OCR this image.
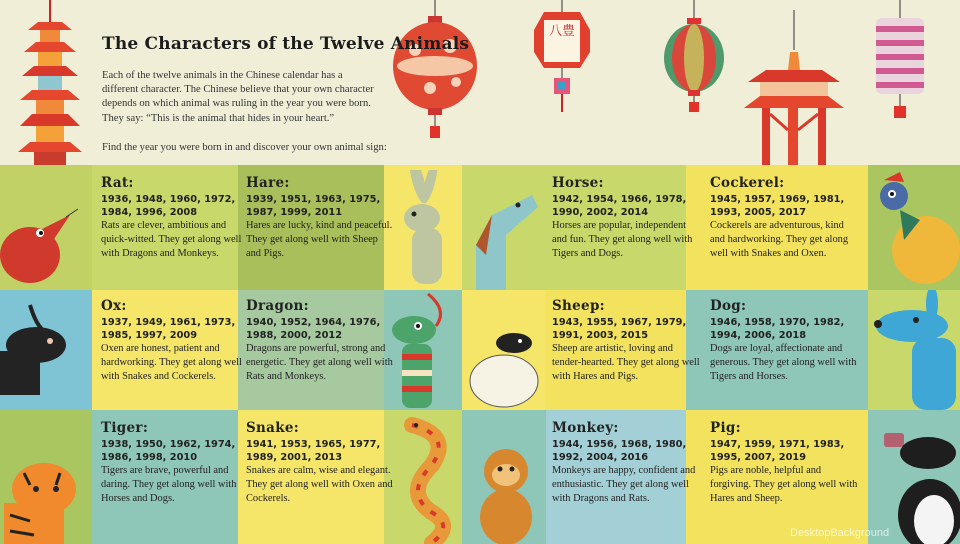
八豊
The Characters of the Twelve Animals
Each of the twelve animals in the Chinese calendar has a different character. The Chinese believe that your own character depends on which animal was ruling in the year you were born. They say: “This is the animal that hides in your heart.”
Find the year you were born in and discover your own animal sign:
Rat:
1936, 1948, 1960, 1972, 1984, 1996, 2008
Rats are clever, ambitious and quick-witted. They get along well with Dragons and Monkeys.
Hare:
1939, 1951, 1963, 1975, 1987, 1999, 2011
Hares are lucky, kind and peaceful. They get along well with Sheep and Pigs.
Horse:
1942, 1954, 1966, 1978, 1990, 2002, 2014
Horses are popular, independent and fun. They get along well with Tigers and Dogs.
Cockerel:
1945, 1957, 1969, 1981, 1993, 2005, 2017
Cockerels are adventurous, kind and hardworking. They get along well with Snakes and Oxen.
Ox:
1937, 1949, 1961, 1973, 1985, 1997, 2009
Oxen are honest, patient and hardworking. They get along well with Snakes and Cockerels.
Dragon:
1940, 1952, 1964, 1976, 1988, 2000, 2012
Dragons are powerful, strong and energetic. They get along well with Rats and Monkeys.
Sheep:
1943, 1955, 1967, 1979, 1991, 2003, 2015
Sheep are artistic, loving and tender-hearted. They get along well with Hares and Pigs.
Dog:
1946, 1958, 1970, 1982, 1994, 2006, 2018
Dogs are loyal, affectionate and generous. They get along well with Tigers and Horses.
Tiger:
1938, 1950, 1962, 1974, 1986, 1998, 2010
Tigers are brave, powerful and daring. They get along well with Horses and Dogs.
Snake:
1941, 1953, 1965, 1977, 1989, 2001, 2013
Snakes are calm, wise and elegant. They get along well with Oxen and Cockerels.
Monkey:
1944, 1956, 1968, 1980, 1992, 2004, 2016
Monkeys are happy, confident and enthusiastic. They get along well with Dragons and Rats.
Pig:
1947, 1959, 1971, 1983, 1995, 2007, 2019
Pigs are noble, helpful and forgiving. They get along well with Hares and Sheep.
DesktopBackground
